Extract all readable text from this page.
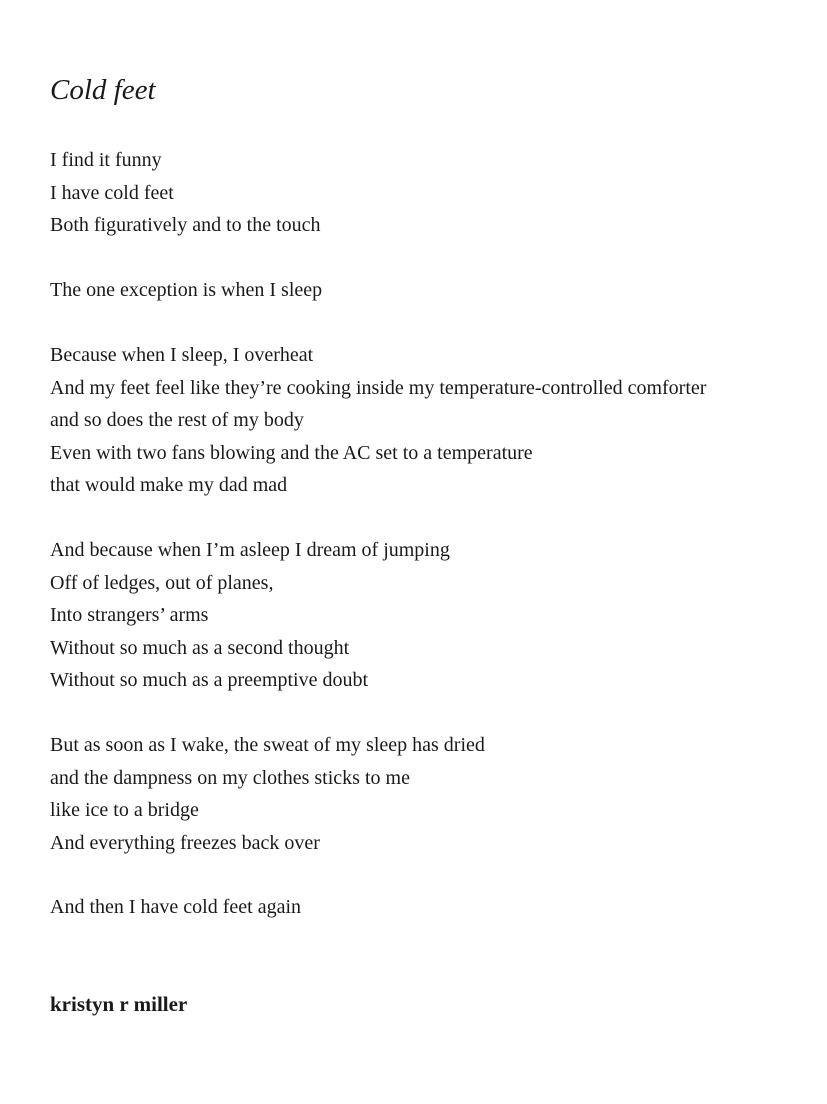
Cold feet
I find it funny
I have cold feet
Both figuratively and to the touch
The one exception is when I sleep
Because when I sleep, I overheat
And my feet feel like they’re cooking inside my temperature-controlled comforter
and so does the rest of my body
Even with two fans blowing and the AC set to a temperature
that would make my dad mad
And because when I’m asleep I dream of jumping
Off of ledges, out of planes,
Into strangers’ arms
Without so much as a second thought
Without so much as a preemptive doubt
But as soon as I wake, the sweat of my sleep has dried
and the dampness on my clothes sticks to me
like ice to a bridge
And everything freezes back over
And then I have cold feet again

kristyn r miller
